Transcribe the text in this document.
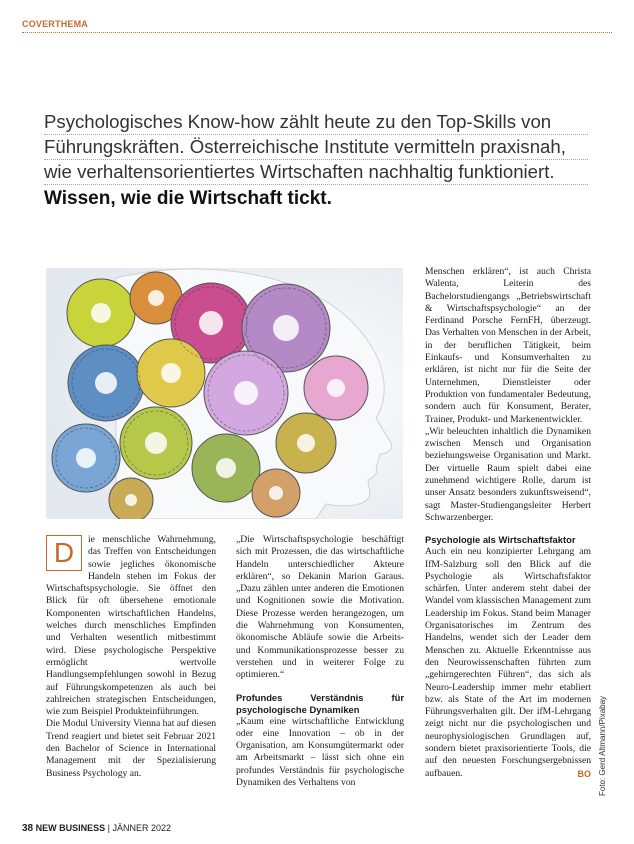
COVERTHEMA
Psychologisches Know-how zählt heute zu den Top-Skills von
Führungskräften. Österreichische Institute vermitteln praxisnah,
wie verhaltensorientiertes Wirtschaften nachhaltig funktioniert.
Wissen, wie die Wirtschaft tickt.
D	ie menschliche Wahrnehmung, das Treffen von Entscheidungen sowie jegliches ökonomische Handeln stehen im Fokus der Wirtschaftspsychologie. Sie öffnet den Blick für oft übersehene emotionale Komponenten wirtschaftlichen Handelns, welches durch menschliches Empfinden und Verhalten wesentlich mitbestimmt wird. Diese psychologische Perspektive ermöglicht wertvolle Handlungsempfehlungen sowohl in Bezug auf Führungskompetenzen als auch bei zahlreichen strategischen Entscheidungen, wie zum Beispiel Produkteinführungen.

Die Modul University Vienna hat auf diesen Trend reagiert und bietet seit Februar 2021 den Bachelor of Science in International Management mit der Spezialisierung Business Psychology an.

„Die Wirtschaftspsychologie beschäftigt sich mit Prozessen, die das wirtschaftliche Handeln unterschiedlicher Akteure erklären“, so Dekanin Marion Garaus. „Dazu zählen unter anderen die Emotionen und Kognitionen sowie die Motivation. Diese Prozesse werden herangezogen, um die Wahrnehmung von Konsumenten, ökonomische Abläufe sowie die Arbeits- und Kommunikationsprozesse besser zu verstehen und in weiterer Folge zu optimieren.“

Profundes Verständnis für psychologische Dynamiken

„Kaum eine wirtschaftliche Entwicklung oder eine Innovation – ob in der Organisation, am Konsumgütermarkt oder am Arbeitsmarkt – lässt sich ohne ein profundes Verständnis für psychologische Dynamiken des Verhaltens von

Menschen erklären“, ist auch Christa Walenta, Leiterin des Bachelorstudiengangs „Betriebswirtschaft & Wirtschaftspsychologie“ an der Ferdinand Porsche FernFH, überzeugt. Das Verhalten von Menschen in der Arbeit, in der beruflichen Tätigkeit, beim Einkaufs- und Konsumverhalten zu erklären, ist nicht nur für die Seite der Unternehmen, Dienstleister oder Produktion von fundamentaler Bedeutung, sondern auch für Konsument, Berater, Trainer, Produkt- und Markenentwickler.

„Wir beleuchten inhaltlich die Dynamiken zwischen Mensch und Organisation beziehungsweise Organisation und Markt. Der virtuelle Raum spielt dabei eine zunehmend wichtigere Rolle, darum ist unser Ansatz besonders zukunftsweisend“, sagt Master-Studiengangsleiter Herbert Schwarzenberger.

Psychologie als Wirtschaftsfaktor

Auch ein neu konzipierter Lehrgang am IfM-Salzburg soll den Blick auf die Psychologie als Wirtschaftsfaktor schärfen. Unter anderem steht dabei der Wandel vom klassischen Management zum Leadership im Fokus. Stand beim Manager Organisatorisches im Zentrum des Handelns, wendet sich der Leader dem Menschen zu. Aktuelle Erkenntnisse aus den Neurowissenschaften führten zum „gehirngerechten Führen“, das sich als Neuro-Leadership immer mehr etabliert bzw. als State of the Art im modernen Führungsverhalten gilt. Der ifM-Lehrgang zeigt nicht nur die psychologischen und neurophysiologischen Grundlagen auf, sondern bietet praxisorientierte Tools, die auf den neuesten Forschungsergebnissen aufbauen.	BO Foto: Gerd Altmann/Pixabay
38 NEW BUSINESS | JÄNNER 2022
